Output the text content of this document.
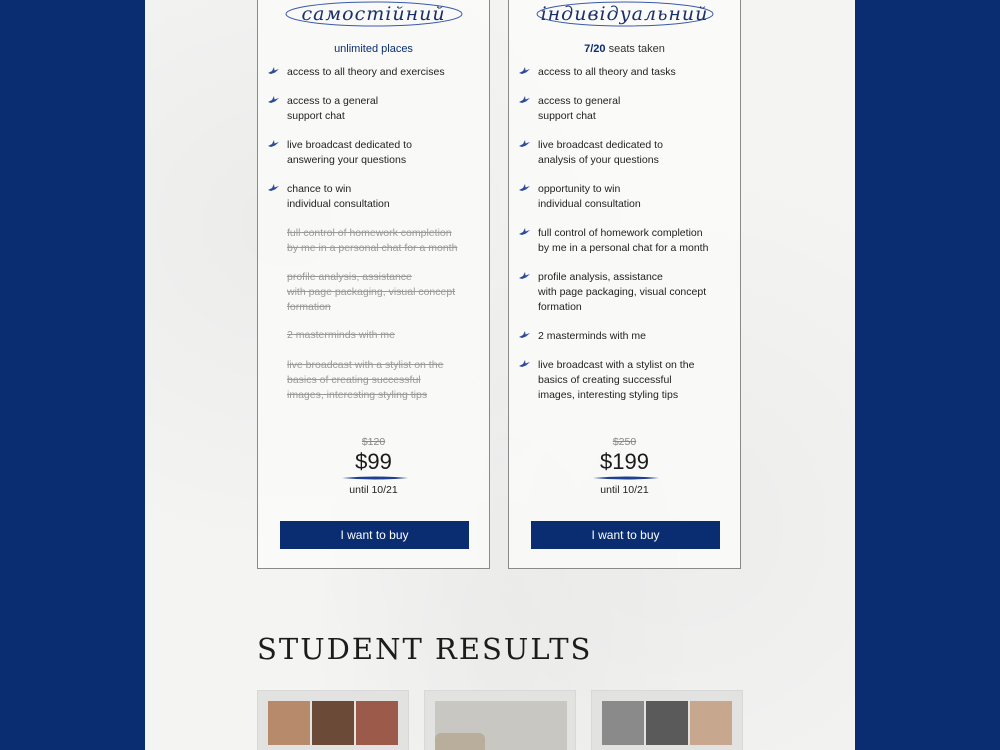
самостійний
unlimited places
access to all theory and exercises
access to a general
support chat
live broadcast dedicated to
answering your questions
chance to win
individual consultation
full control of homework completion
by me in a personal chat for a month
profile analysis, assistance
with page packaging, visual concept
formation
2 masterminds with me
live broadcast with a stylist on the
basics of creating successful
images, interesting styling tips
$120
$99
until 10/21
I want to buy
індивідуальний
7/20 seats taken
access to all theory and tasks
access to general
support chat
live broadcast dedicated to
analysis of your questions
opportunity to win
individual consultation
full control of homework completion
by me in a personal chat for a month
profile analysis, assistance
with page packaging, visual concept
formation
2 masterminds with me
live broadcast with a stylist on the
basics of creating successful
images, interesting styling tips
$250
$199
until 10/21
I want to buy
STUDENT RESULTS
